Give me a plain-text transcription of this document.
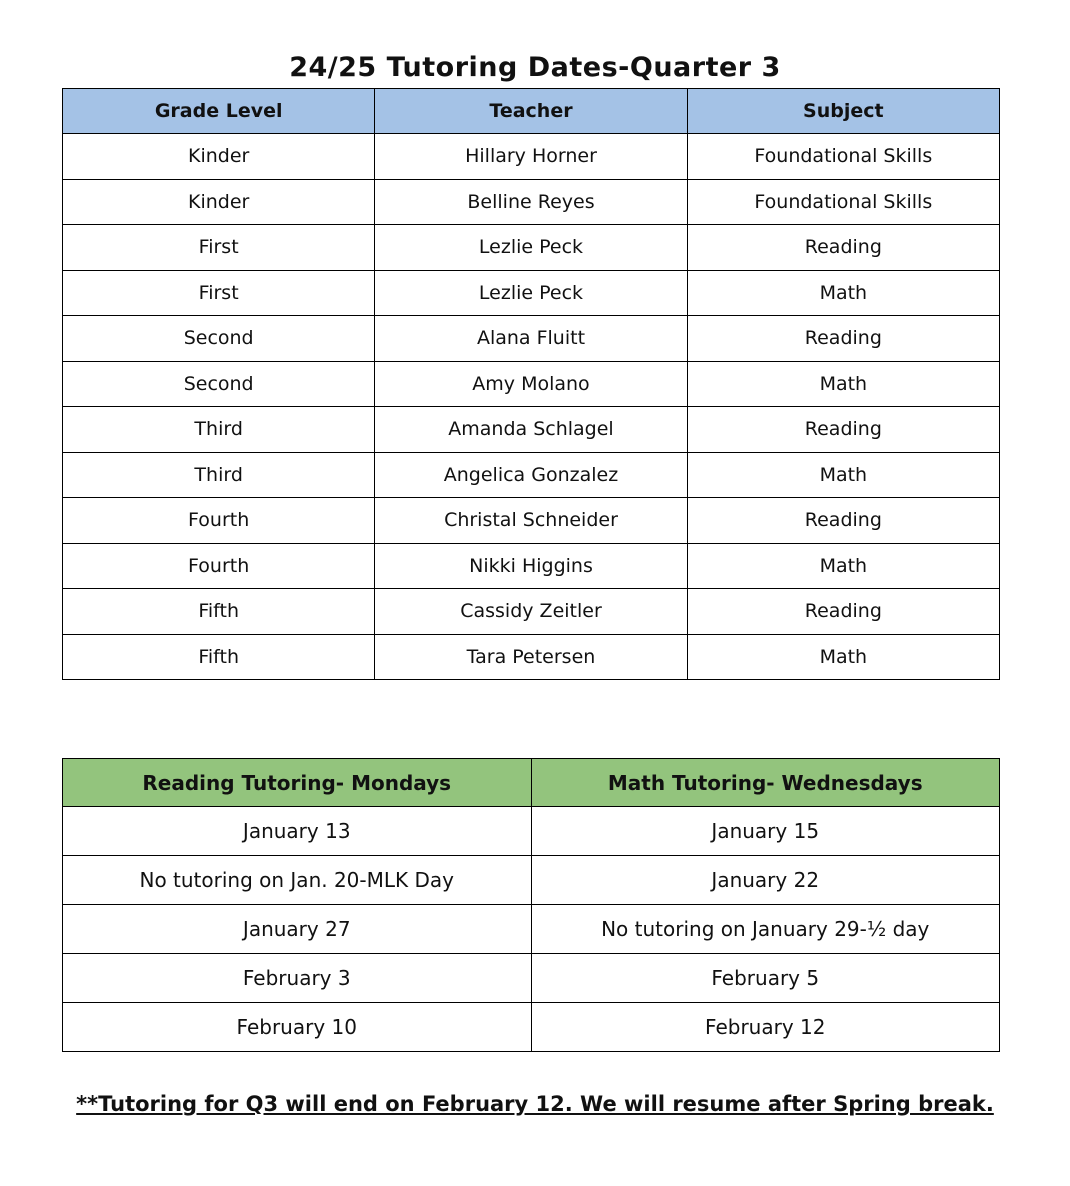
24/25 Tutoring Dates-Quarter 3
Grade Level	Teacher	Subject
Kinder	Hillary Horner	Foundational Skills
Kinder	Belline Reyes	Foundational Skills
First	Lezlie Peck	Reading
First	Lezlie Peck	Math
Second	Alana Fluitt	Reading
Second	Amy Molano	Math
Third	Amanda Schlagel	Reading
Third	Angelica Gonzalez	Math
Fourth	Christal Schneider	Reading
Fourth	Nikki Higgins	Math
Fifth	Cassidy Zeitler	Reading
Fifth	Tara Petersen	Math
Reading Tutoring- Mondays	Math Tutoring- Wednesdays
January 13	January 15
No tutoring on Jan. 20-MLK Day	January 22
January 27	No tutoring on January 29-½ day
February 3	February 5
February 10	February 12
**Tutoring for Q3 will end on February 12. We will resume after Spring break.
